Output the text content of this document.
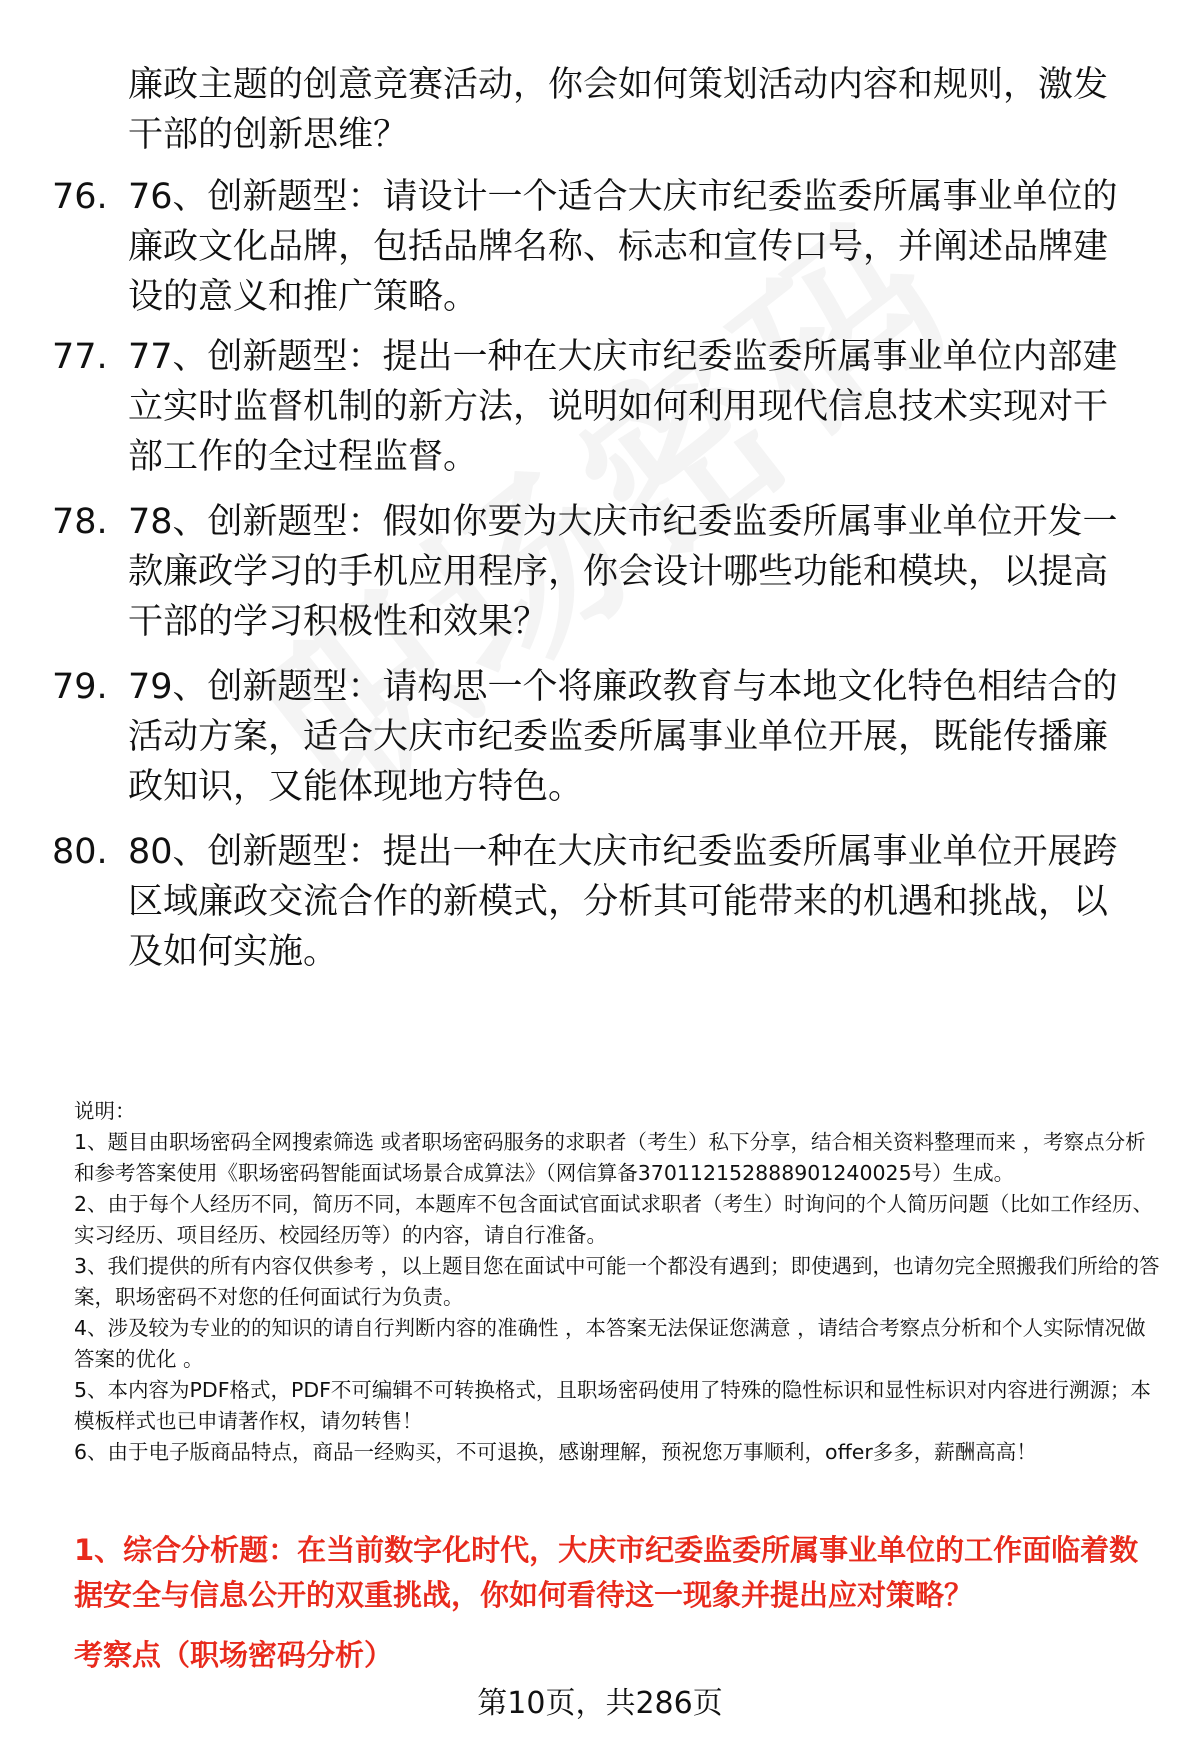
廉政主题的创意竞赛活动，你会如何策划活动内容和规则，激发干部的创新思维？

76. 76、创新题型：请设计一个适合大庆市纪委监委所属事业单位的廉政文化品牌，包括品牌名称、标志和宣传口号，并阐述品牌建设的意义和推广策略。
77. 77、创新题型：提出一种在大庆市纪委监委所属事业单位内部建立实时监督机制的新方法，说明如何利用现代信息技术实现对干部工作的全过程监督。
78. 78、创新题型：假如你要为大庆市纪委监委所属事业单位开发一款廉政学习的手机应用程序，你会设计哪些功能和模块，以提高干部的学习积极性和效果？
79. 79、创新题型：请构思一个将廉政教育与本地文化特色相结合的活动方案，适合大庆市纪委监委所属事业单位开展，既能传播廉政知识，又能体现地方特色。
80. 80、创新题型：提出一种在大庆市纪委监委所属事业单位开展跨区域廉政交流合作的新模式，分析其可能带来的机遇和挑战，以及如何实施。

说明：

1、题目由职场密码全网搜索筛选 或者职场密码服务的求职者（考生）私下分享，结合相关资料整理而来 ，考察点分析和参考答案使用《职场密码智能面试场景合成算法》（网信算备370112152888901240025号）生成。

2、由于每个人经历不同，简历不同，本题库不包含面试官面试求职者（考生）时询问的个人简历问题（比如工作经历、实习经历、项目经历、校园经历等）的内容，请自行准备。

3、我们提供的所有内容仅供参考 ，以上题目您在面试中可能一个都没有遇到；即使遇到，也请勿完全照搬我们所给的答案，职场密码不对您的任何面试行为负责。

4、涉及较为专业的的知识的请自行判断内容的准确性 ，本答案无法保证您满意 ，请结合考察点分析和个人实际情况做答案的优化 。

5、本内容为PDF格式，PDF不可编辑不可转换格式，且职场密码使用了特殊的隐性标识和显性标识对内容进行溯源；本模板样式也已申请著作权，请勿转售！

6、由于电子版商品特点，商品一经购买，不可退换，感谢理解，预祝您万事顺利，offer多多，薪酬高高！

1、综合分析题：在当前数字化时代，大庆市纪委监委所属事业单位的工作面临着数据安全与信息公开的双重挑战，你如何看待这一现象并提出应对策略？

考察点（职场密码分析）

第10页，共286页
